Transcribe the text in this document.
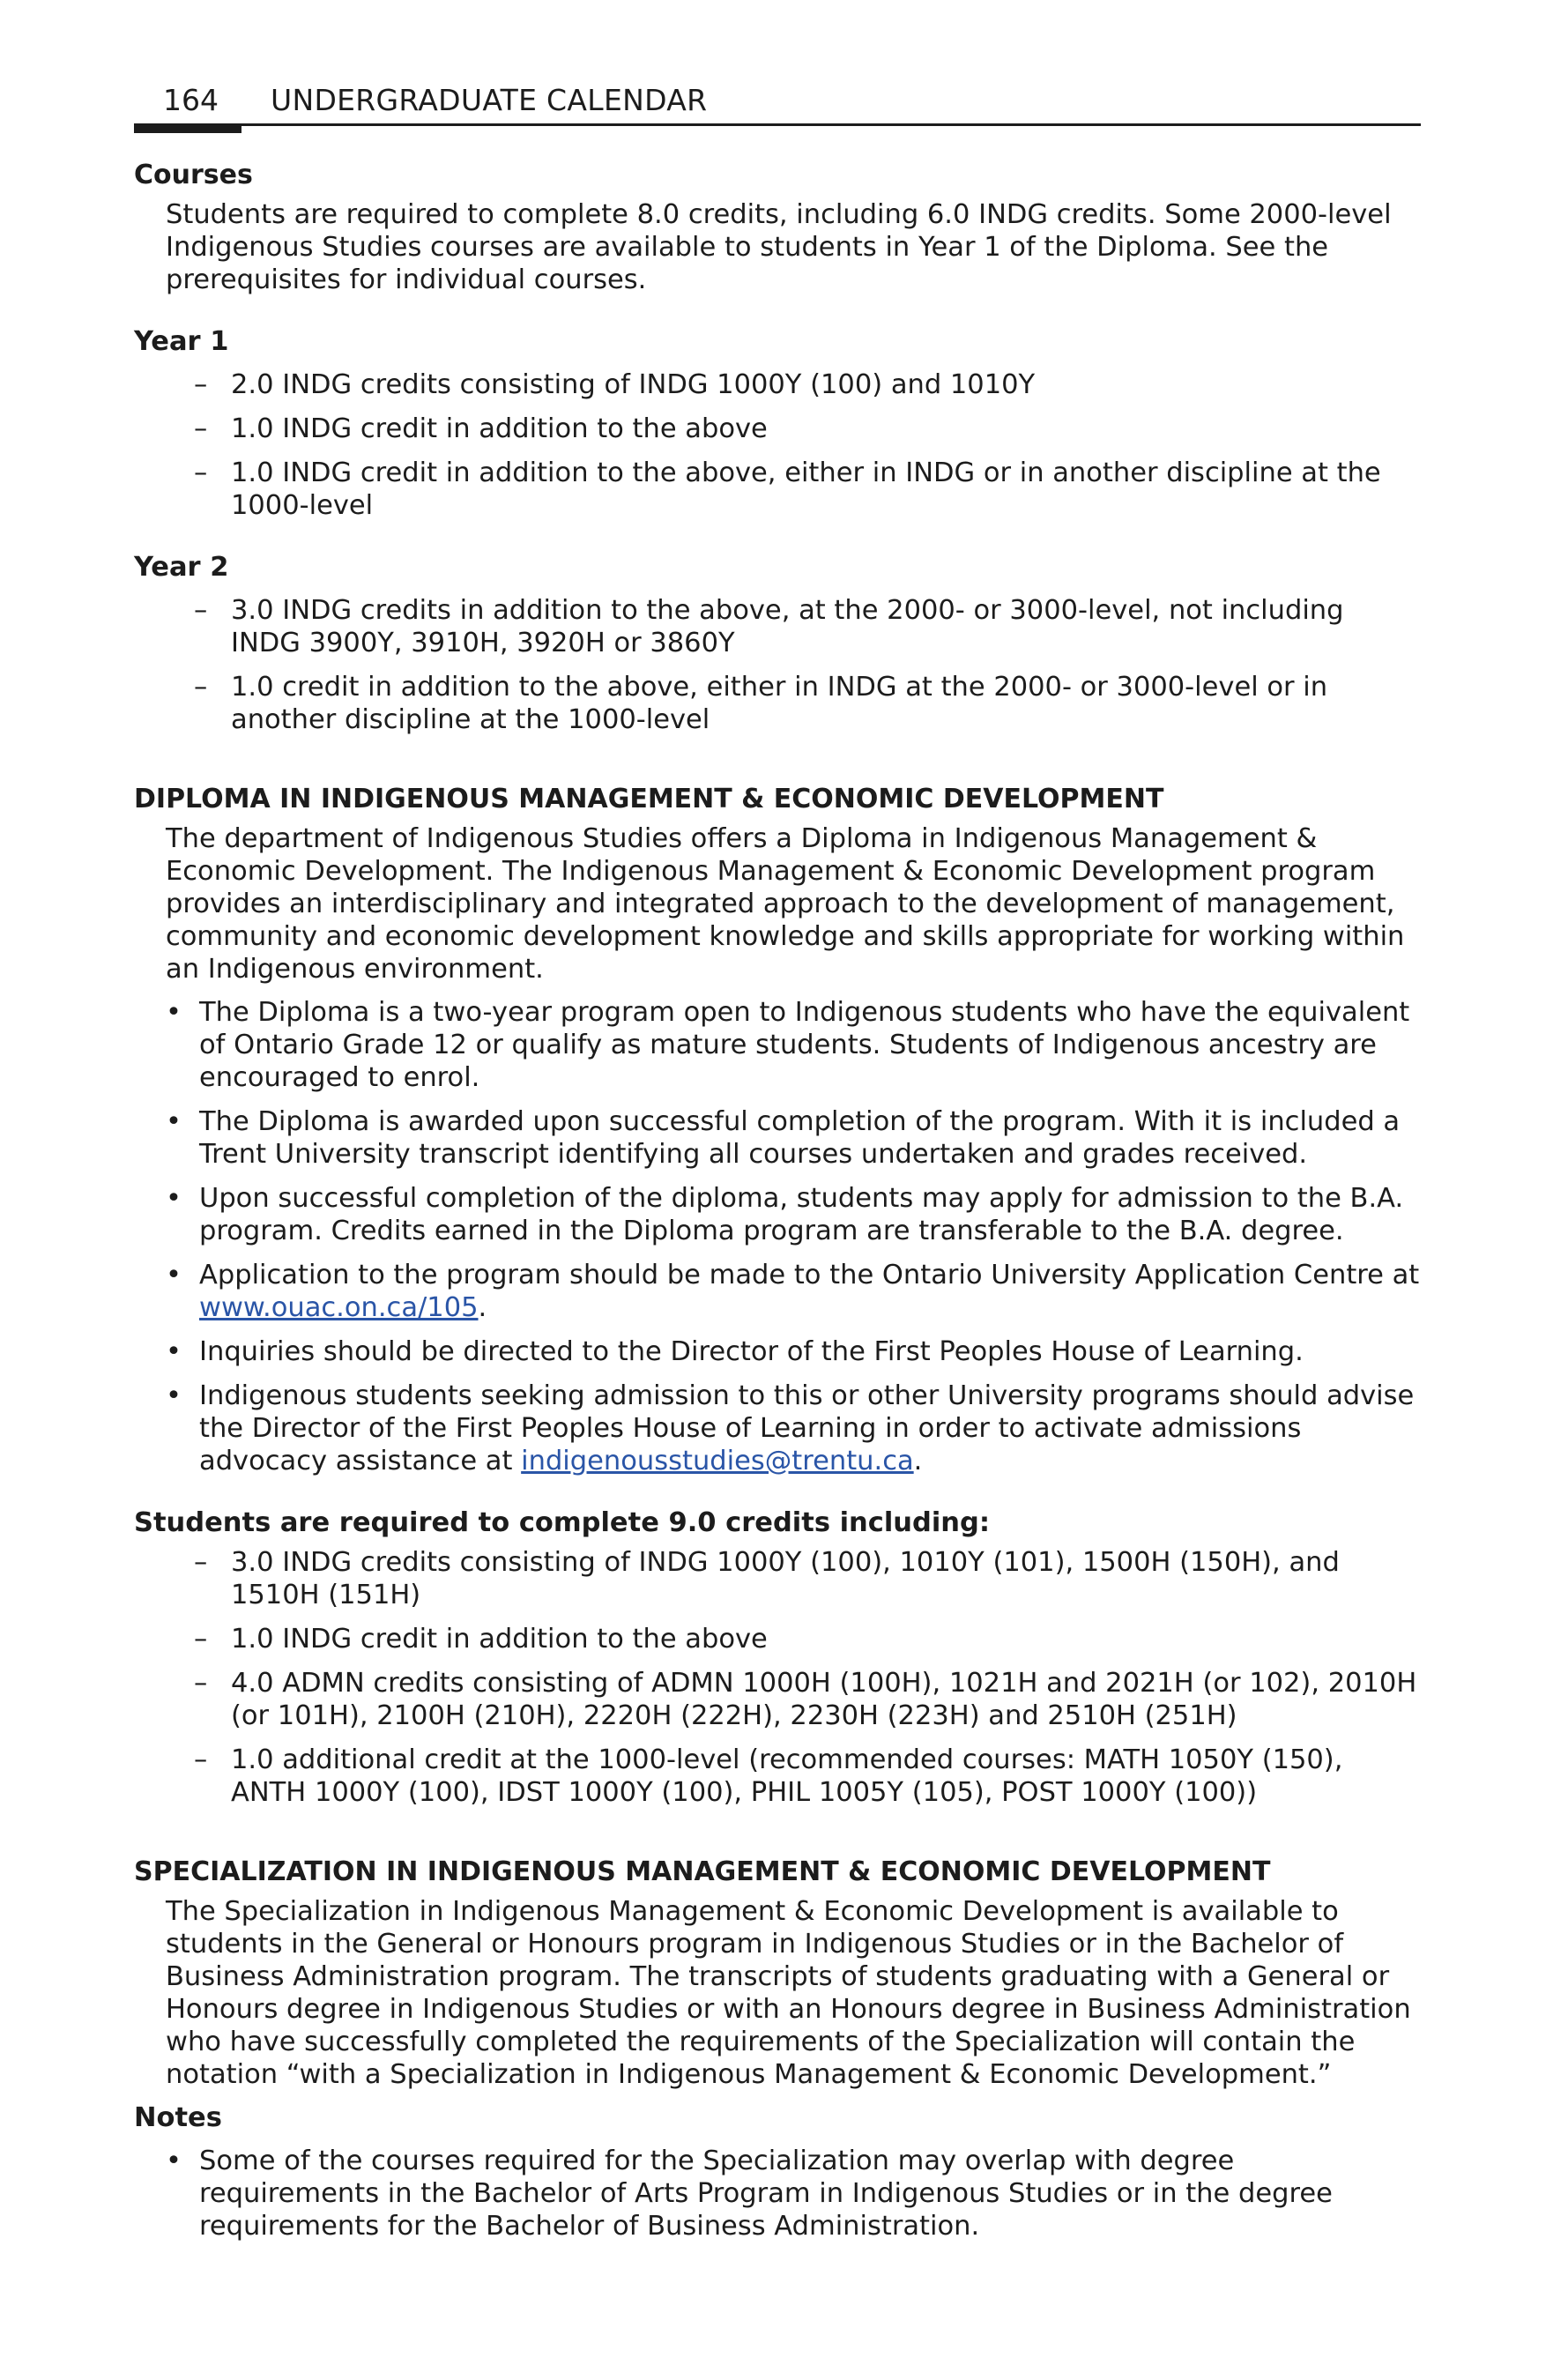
164 UNDERGRADUATE CALENDAR
Courses

Students are required to complete 8.0 credits, including 6.0 INDG credits. Some 2000-level Indigenous Studies courses are available to students in Year 1 of the Diploma. See the prerequisites for individual courses.

Year 1

– 2.0 INDG credits consisting of INDG 1000Y (100) and 1010Y
– 1.0 INDG credit in addition to the above
– 1.0 INDG credit in addition to the above, either in INDG or in another discipline at the 1000-level

Year 2

– 3.0 INDG credits in addition to the above, at the 2000- or 3000-level, not including INDG 3900Y, 3910H, 3920H or 3860Y
– 1.0 credit in addition to the above, either in INDG at the 2000- or 3000-level or in another discipline at the 1000-level
DIPLOMA IN INDIGENOUS MANAGEMENT & ECONOMIC DEVELOPMENT

The department of Indigenous Studies offers a Diploma in Indigenous Management & Economic Development. The Indigenous Management & Economic Development program provides an interdisciplinary and integrated approach to the development of management, community and economic development knowledge and skills appropriate for working within an Indigenous environment.

• The Diploma is a two-year program open to Indigenous students who have the equivalent of Ontario Grade 12 or qualify as mature students. Students of Indigenous ancestry are encouraged to enrol.
• The Diploma is awarded upon successful completion of the program. With it is included a Trent University transcript identifying all courses undertaken and grades received.
• Upon successful completion of the diploma, students may apply for admission to the B.A. program. Credits earned in the Diploma program are transferable to the B.A. degree.
• Application to the program should be made to the Ontario University Application Centre at www.ouac.on.ca/105.
• Inquiries should be directed to the Director of the First Peoples House of Learning.
• Indigenous students seeking admission to this or other University programs should advise the Director of the First Peoples House of Learning in order to activate admissions advocacy assistance at indigenousstudies@trentu.ca.

Students are required to complete 9.0 credits including:

– 3.0 INDG credits consisting of INDG 1000Y (100), 1010Y (101), 1500H (150H), and 1510H (151H)
– 1.0 INDG credit in addition to the above
– 4.0 ADMN credits consisting of ADMN 1000H (100H), 1021H and 2021H (or 102), 2010H (or 101H), 2100H (210H), 2220H (222H), 2230H (223H) and 2510H (251H)
– 1.0 additional credit at the 1000-level (recommended courses: MATH 1050Y (150), ANTH 1000Y (100), IDST 1000Y (100), PHIL 1005Y (105), POST 1000Y (100))
SPECIALIZATION IN INDIGENOUS MANAGEMENT & ECONOMIC DEVELOPMENT

The Specialization in Indigenous Management & Economic Development is available to students in the General or Honours program in Indigenous Studies or in the Bachelor of Business Administration program. The transcripts of students graduating with a General or Honours degree in Indigenous Studies or with an Honours degree in Business Administration who have successfully completed the requirements of the Specialization will contain the notation “with a Specialization in Indigenous Management & Economic Development.”

Notes

• Some of the courses required for the Specialization may overlap with degree requirements in the Bachelor of Arts Program in Indigenous Studies or in the degree requirements for the Bachelor of Business Administration.
